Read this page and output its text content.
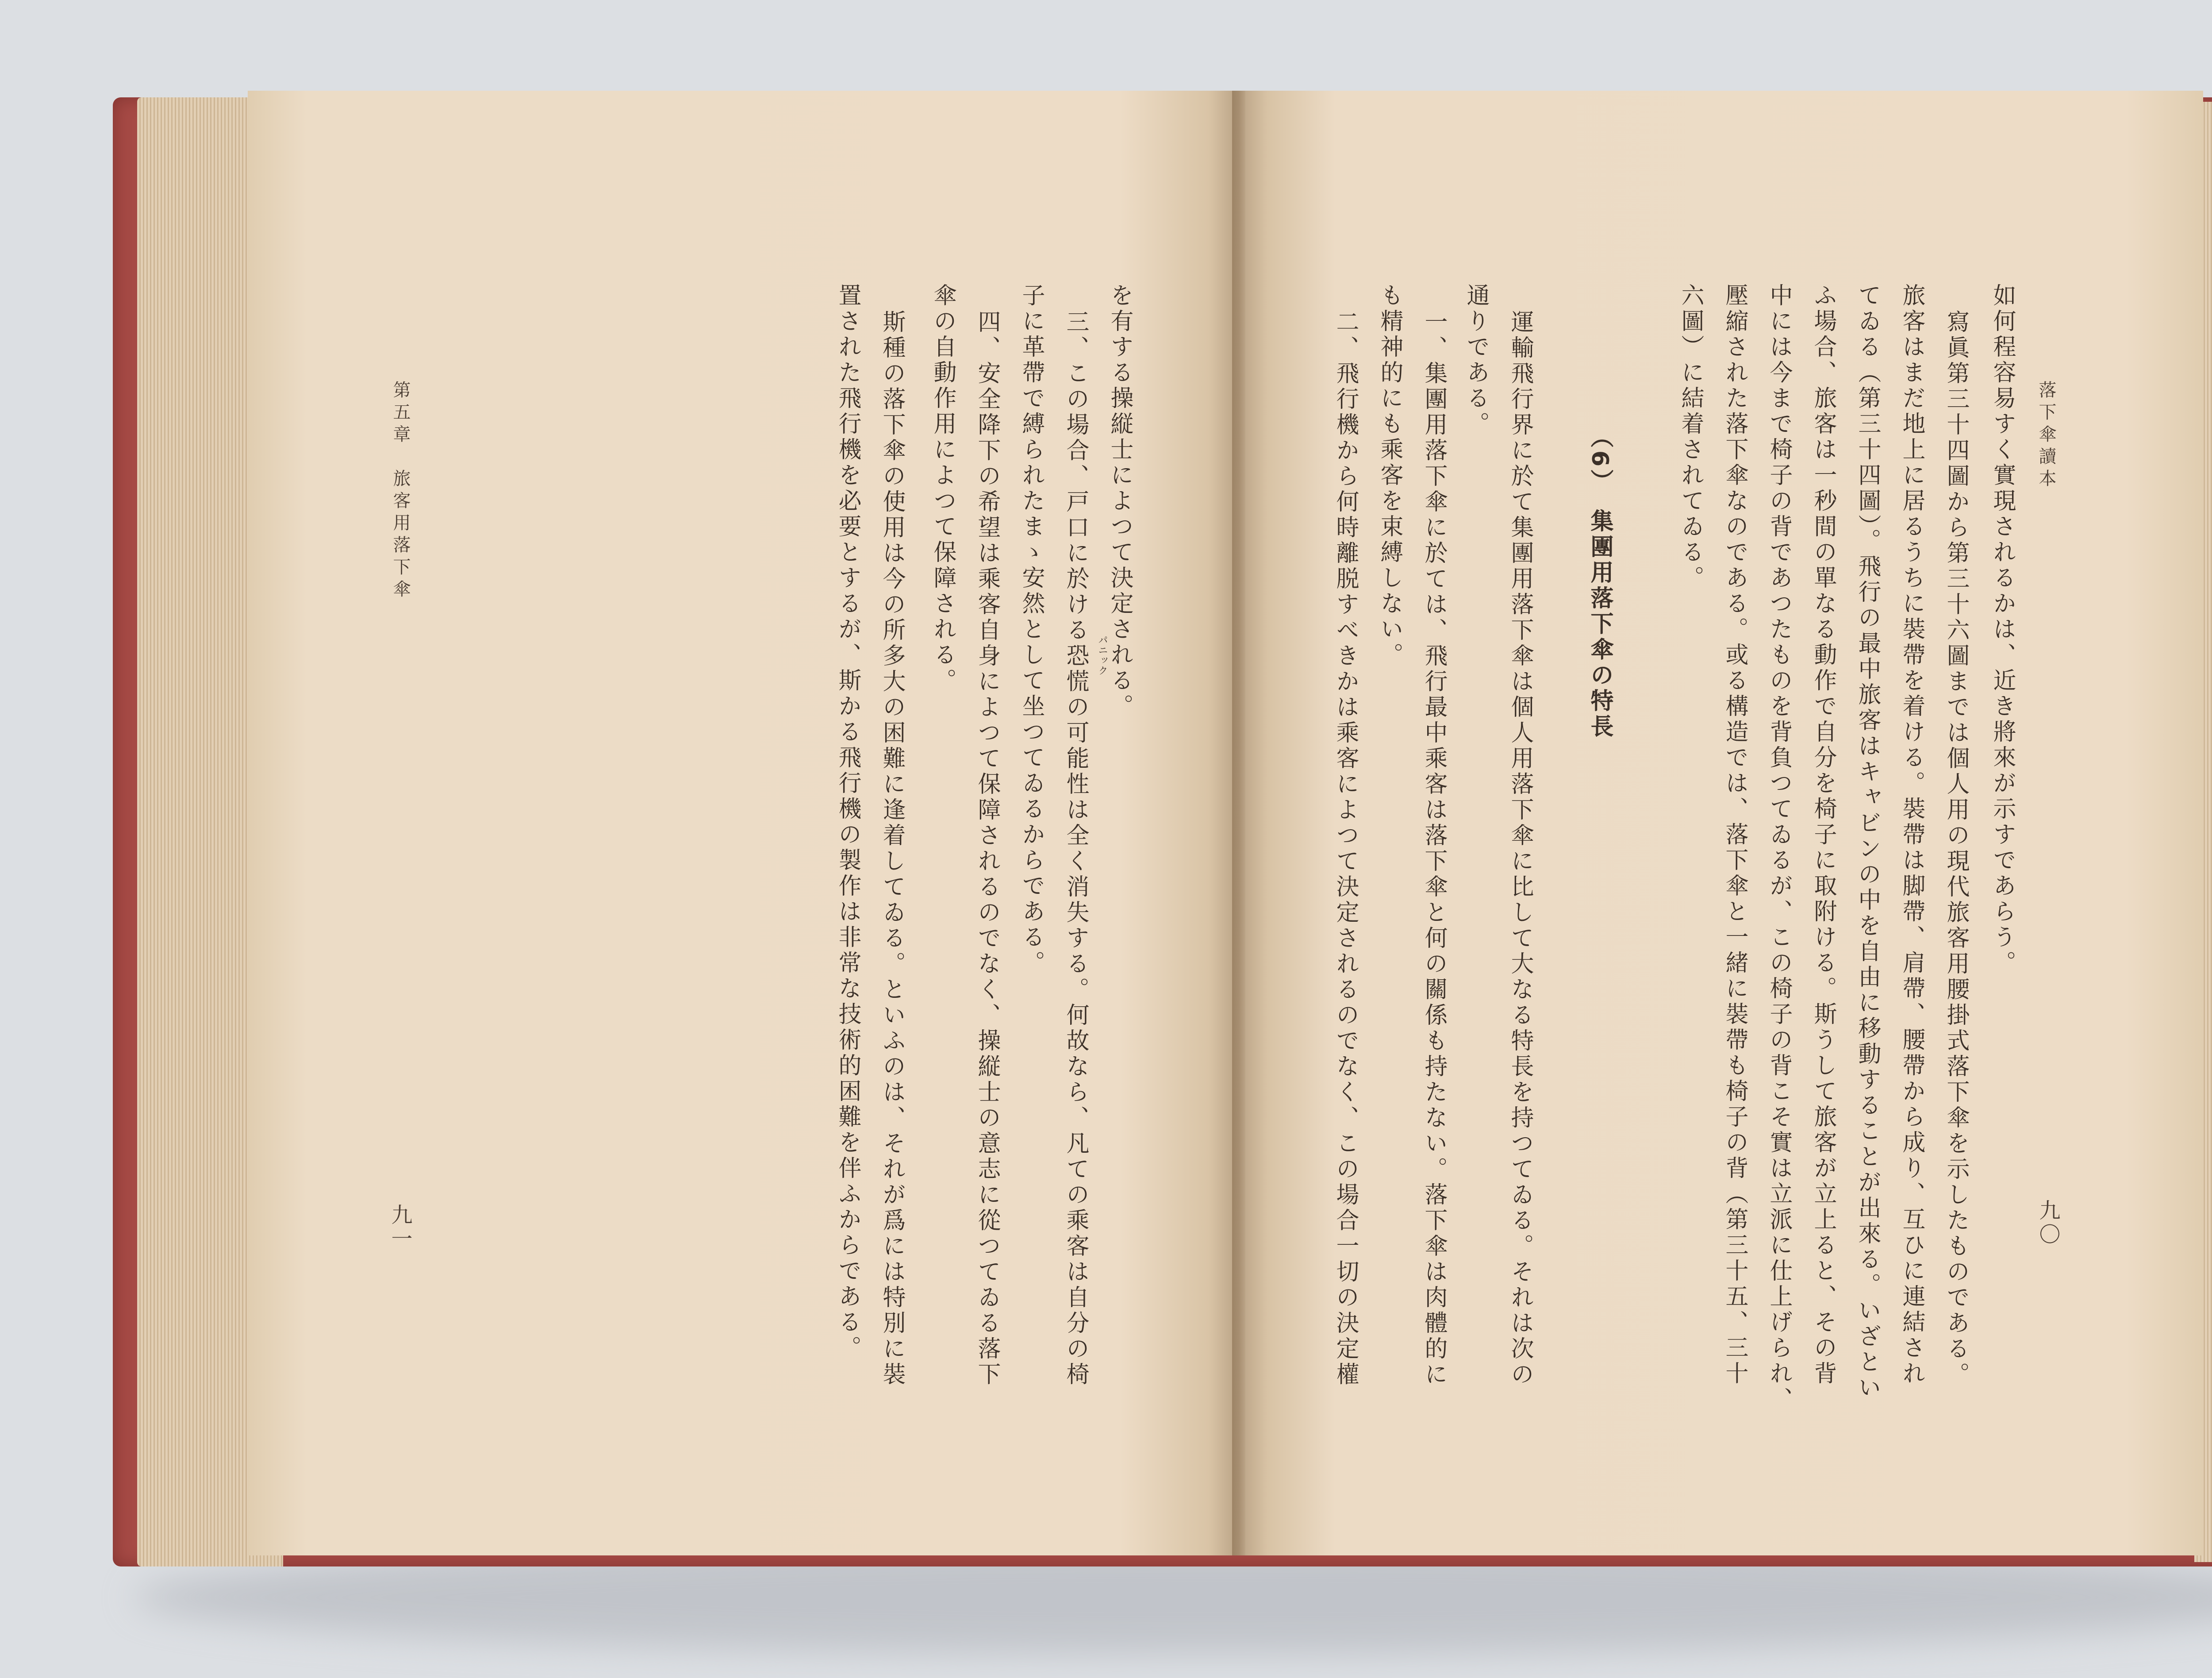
第五章　旅客用落下傘
九一
を有する操縦士によつて決定される。
三、この場合、戸口に於ける恐慌の可能性は全く消失する。何故なら、凡ての乘客は自分の椅 パニック
子に革帶で縛られたまゝ安然として坐つてゐるからである。
四、安全降下の希望は乘客自身によつて保障されるのでなく、操縦士の意志に從つてゐる落下
傘の自動作用によつて保障される。
斯種の落下傘の使用は今の所多大の困難に逢着してゐる。といふのは、それが爲には特別に裝
置された飛行機を必要とするが、斯かる飛行機の製作は非常な技術的困難を伴ふからである。	落下傘讀本
九〇
如何程容易すく實現されるかは、近き將來が示すであらう。
寫眞第三十四圖から第三十六圖までは個人用の現代旅客用腰掛式落下傘を示したものである。
旅客はまだ地上に居るうちに裝帶を着ける。裝帶は脚帶、肩帶、腰帶から成り、互ひに連結され
てゐる（第三十四圖）。飛行の最中旅客はキャビンの中を自由に移動することが出來る。いざとい
ふ場合、旅客は一秒間の單なる動作で自分を椅子に取附ける。斯うして旅客が立上ると、その背
中には今まで椅子の背であつたものを背負つてゐるが、この椅子の背こそ實は立派に仕上げられ、
壓縮された落下傘なのである。或る構造では、落下傘と一緒に裝帶も椅子の背（第三十五、三十
六圖）に結着されてゐる。
（6）　集團用落下傘の特長
運輸飛行界に於て集團用落下傘は個人用落下傘に比して大なる特長を持つてゐる。それは次の
通りである。
一、集團用落下傘に於ては、飛行最中乘客は落下傘と何の關係も持たない。落下傘は肉體的に
も精神的にも乘客を束縛しない。
二、飛行機から何時離脱すべきかは乘客によつて決定されるのでなく、この場合一切の決定權
